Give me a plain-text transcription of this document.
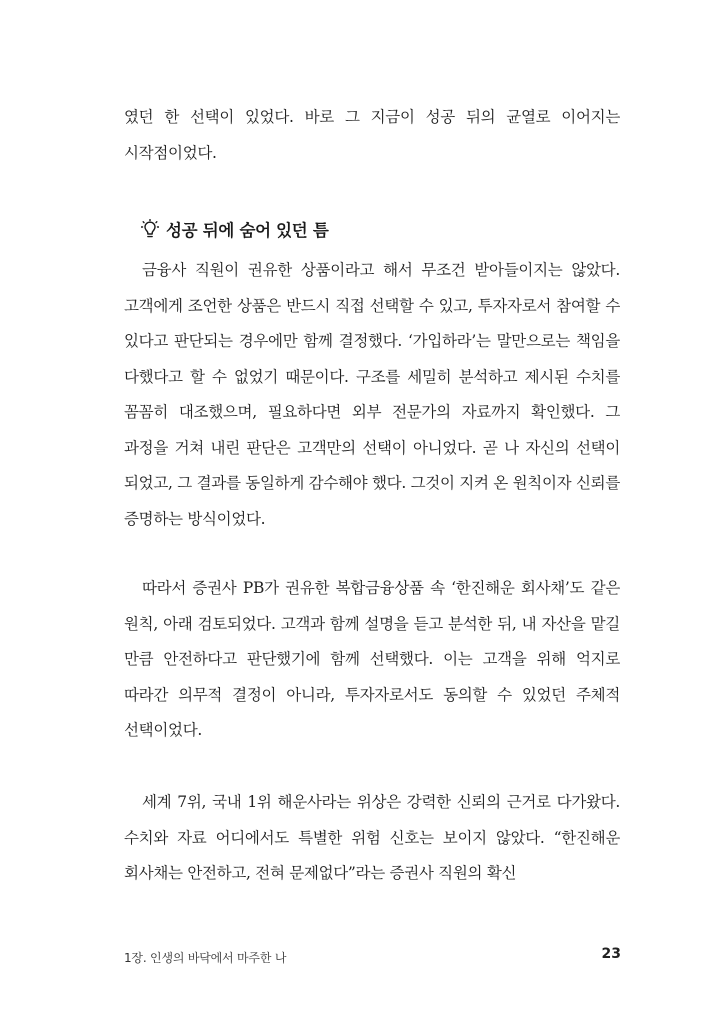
였던 한 선택이 있었다. 바로 그 지금이 성공 뒤의 균열로 이어지는 시작점이었다.

성공 뒤에 숨어 있던 틈

금융사 직원이 권유한 상품이라고 해서 무조건 받아들이지는 않았다. 고객에게 조언한 상품은 반드시 직접 선택할 수 있고, 투자자로서 참여할 수 있다고 판단되는 경우에만 함께 결정했다. ‘가입하라’는 말만으로는 책임을 다했다고 할 수 없었기 때문이다. 구조를 세밀히 분석하고 제시된 수치를 꼼꼼히 대조했으며, 필요하다면 외부 전문가의 자료까지 확인했다. 그 과정을 거쳐 내린 판단은 고객만의 선택이 아니었다. 곧 나 자신의 선택이 되었고, 그 결과를 동일하게 감수해야 했다. 그것이 지켜 온 원칙이자 신뢰를 증명하는 방식이었다.

따라서 증권사 PB가 권유한 복합금융상품 속 ‘한진해운 회사채’도 같은 원칙, 아래 검토되었다. 고객과 함께 설명을 듣고 분석한 뒤, 내 자산을 맡길 만큼 안전하다고 판단했기에 함께 선택했다. 이는 고객을 위해 억지로 따라간 의무적 결정이 아니라, 투자자로서도 동의할 수 있었던 주체적 선택이었다.

세계 7위, 국내 1위 해운사라는 위상은 강력한 신뢰의 근거로 다가왔다. 수치와 자료 어디에서도 특별한 위험 신호는 보이지 않았다. “한진해운 회사채는 안전하고, 전혀 문제없다”라는 증권사 직원의 확신

1장. 인생의 바닥에서 마주한 나	23
